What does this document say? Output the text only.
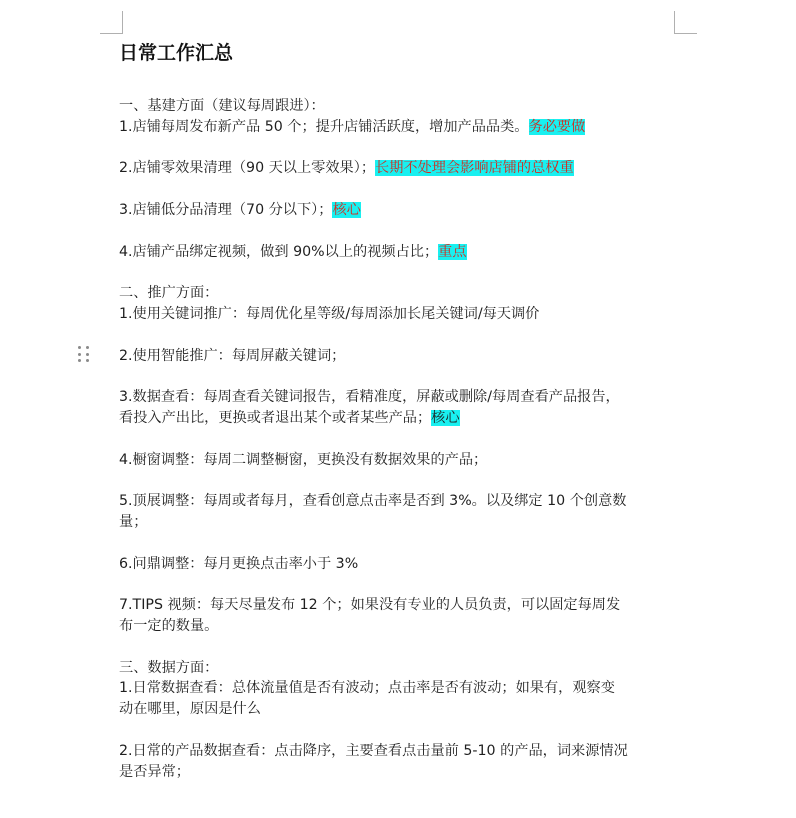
日常工作汇总

一、基建方面（建议每周跟进）：

1.店铺每周发布新产品 50 个；提升店铺活跃度，增加产品品类。务必要做

2.店铺零效果清理（90 天以上零效果）；长期不处理会影响店铺的总权重

3.店铺低分品清理（70 分以下）；核心

4.店铺产品绑定视频，做到 90%以上的视频占比；重点

二、推广方面：

1.使用关键词推广：每周优化星等级/每周添加长尾关键词/每天调价

2.使用智能推广：每周屏蔽关键词；

3.数据查看：每周查看关键词报告，看精准度，屏蔽或删除/每周查看产品报告，

看投入产出比，更换或者退出某个或者某些产品；核心

4.橱窗调整：每周二调整橱窗，更换没有数据效果的产品；

5.顶展调整：每周或者每月，查看创意点击率是否到 3%。以及绑定 10 个创意数

量；

6.问鼎调整：每月更换点击率小于 3%

7.TIPS 视频：每天尽量发布 12 个；如果没有专业的人员负责，可以固定每周发

布一定的数量。

三、数据方面：

1.日常数据查看：总体流量值是否有波动；点击率是否有波动；如果有，观察变

动在哪里，原因是什么

2.日常的产品数据查看：点击降序，主要查看点击量前 5-10 的产品，词来源情况

是否异常；
